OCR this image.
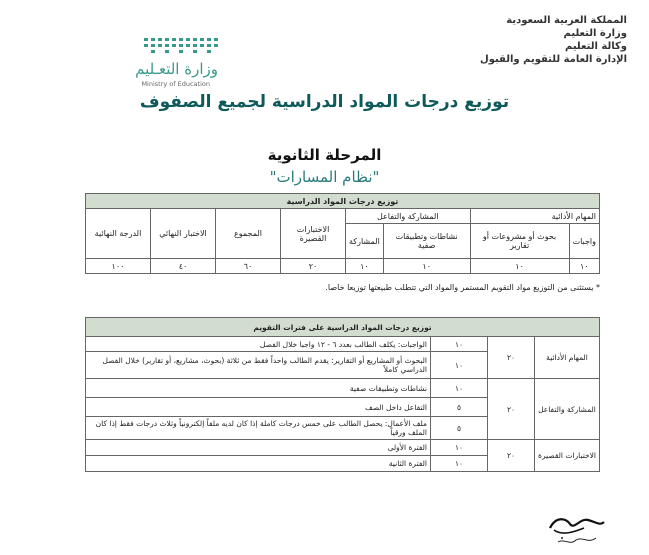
المملكة العربية السعودية
وزارة التعليم
وكالة التعليم
الإدارة العامة للتقويم والقبول
وزارة التعـليم
Ministry of Education
توزيع درجات المواد الدراسية لجميع الصفوف
المرحلة الثانوية
"نظام المسارات"
توزيع درجات المواد الدراسية							
المهام الأدائية		المشاركة والتفاعل		الاختبارات القصيرة	المجموع	الاختبار النهائي	الدرجة النهائية
واجبات	بحوث أو مشروعات أو تقارير	نشاطات وتطبيقات صفية	المشاركة				
١٠	١٠	١٠	١٠	٢٠	٦٠	٤٠	١٠٠
* يستثنى من التوزيع مواد التقويم المستمر والمواد التي تتطلب طبيعتها توزيعا خاصا.
توزيع درجات المواد الدراسية على فترات التقويم			
المهام الأدائية	٢٠	١٠	الواجبات: يكلف الطالب بعدد ٦ - ١٢ واجبا خلال الفصل
		١٠	البحوث أو المشاريع أو التقارير: يقدم الطالب واحداً فقط من ثلاثة (بحوث، مشاريع، أو تقارير) خلال الفصل الدراسي كاملاً
المشاركة والتفاعل	٢٠	١٠	نشاطات وتطبيقات صفية
		٥	التفاعل داخل الصف
		٥	ملف الأعمال: يحصل الطالب على خمس درجات كاملة إذا كان لديه ملفاً إلكترونياً وثلاث درجات فقط إذا كان الملف ورقياً
الاختبارات القصيرة	٢٠	١٠	الفترة الأولى
		١٠	الفترة الثانية
